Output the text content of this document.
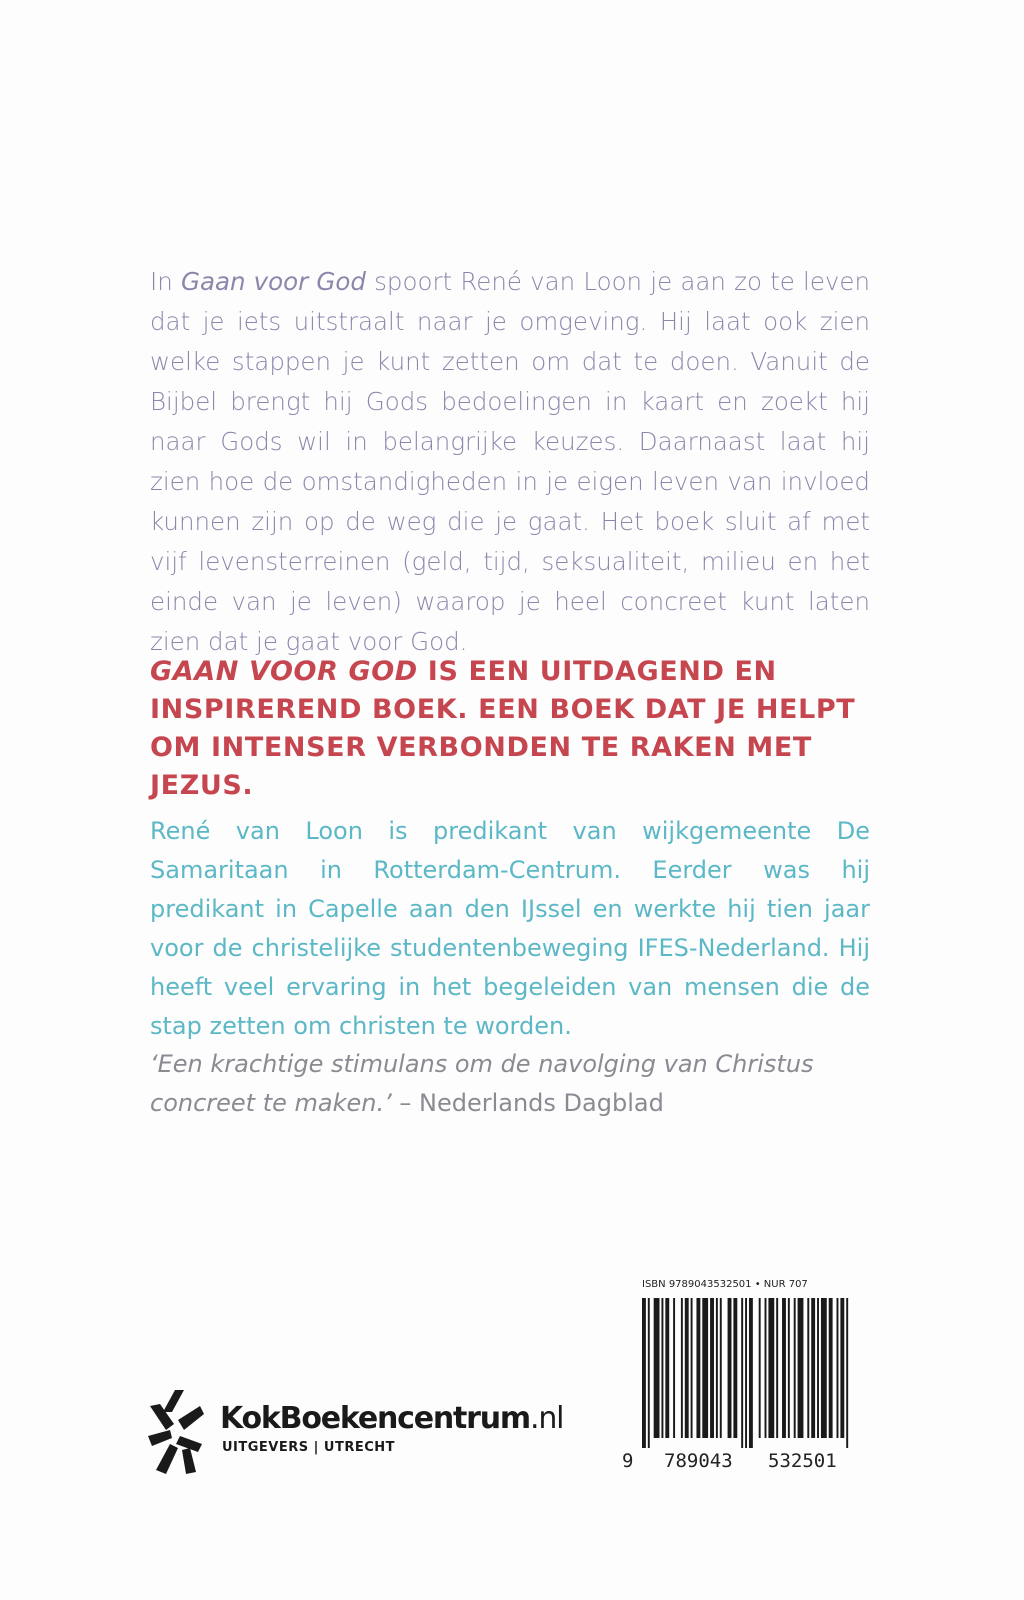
In Gaan voor God spoort René van Loon je aan zo te leven dat je iets uitstraalt naar je omgeving. Hij laat ook zien welke stappen je kunt zetten om dat te doen. Vanuit de Bijbel brengt hij Gods bedoelingen in kaart en zoekt hij naar Gods wil in belangrijke keuzes. Daarnaast laat hij zien hoe de omstandigheden in je eigen leven van invloed kunnen zijn op de weg die je gaat. Het boek sluit af met vijf levensterreinen (geld, tijd, seksualiteit, milieu en het einde van je leven) waarop je heel concreet kunt laten zien dat je gaat voor God.

GAAN VOOR GOD IS EEN UITDAGEND EN INSPIREREND BOEK. EEN BOEK DAT JE HELPT OM INTENSER VERBONDEN TE RAKEN MET JEZUS.

René van Loon is predikant van wijkgemeente De Samaritaan in Rotterdam-Centrum. Eerder was hij predikant in Capelle aan den IJssel en werkte hij tien jaar voor de christelijke studentenbeweging IFES-Nederland. Hij heeft veel ervaring in het begeleiden van mensen die de stap zetten om christen te worden.

‘Een krachtige stimulans om de navolging van Christus concreet te maken.’ – Nederlands Dagblad

KokBoekencentrum.nl
UITGEVERS | UTRECHT
ISBN 9789043532501 • NUR 707
9 789043 532501
